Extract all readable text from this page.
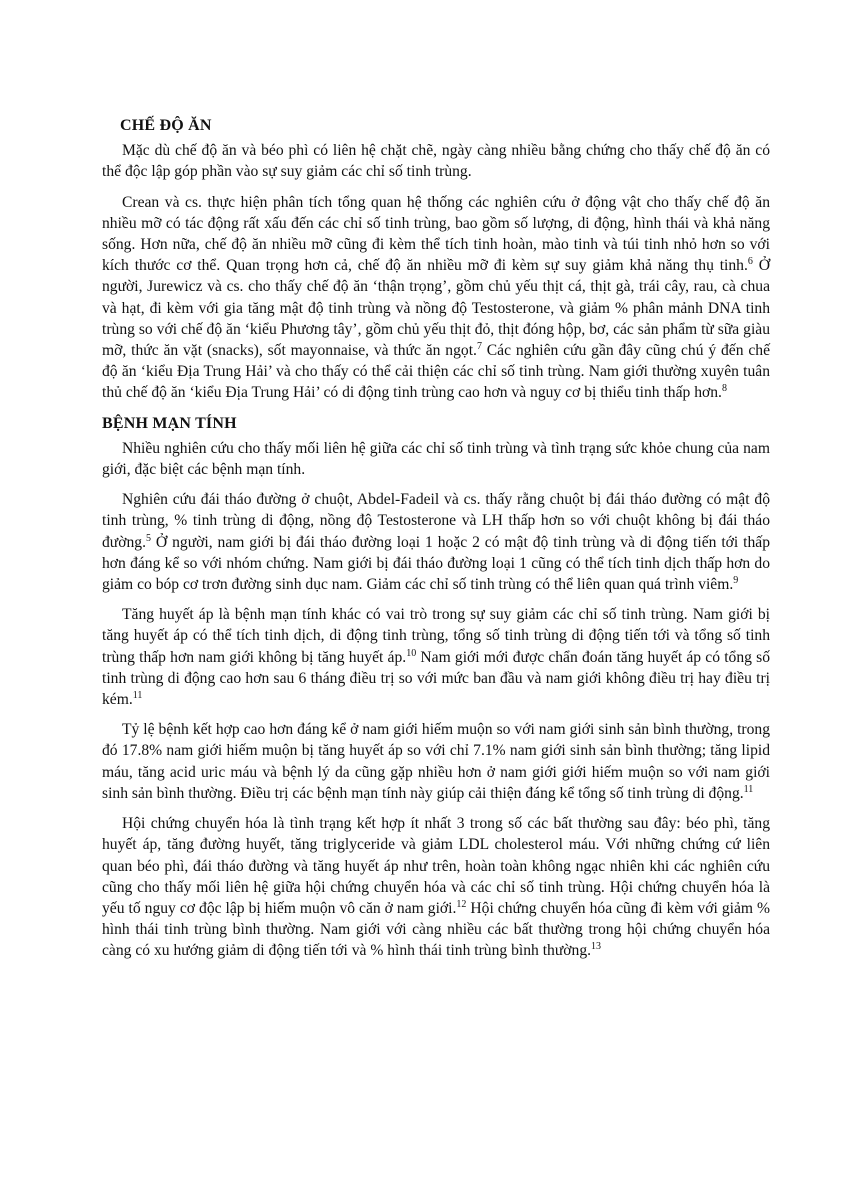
CHẾ ĐỘ ĂN

Mặc dù chế độ ăn và béo phì có liên hệ chặt chẽ, ngày càng nhiều bằng chứng cho thấy chế độ ăn có thể độc lập góp phần vào sự suy giảm các chỉ số tinh trùng.

Crean và cs. thực hiện phân tích tổng quan hệ thống các nghiên cứu ở động vật cho thấy chế độ ăn nhiều mỡ có tác động rất xấu đến các chỉ số tinh trùng, bao gồm số lượng, di động, hình thái và khả năng sống. Hơn nữa, chế độ ăn nhiều mỡ cũng đi kèm thể tích tinh hoàn, mào tinh và túi tinh nhỏ hơn so với kích thước cơ thể. Quan trọng hơn cả, chế độ ăn nhiều mỡ đi kèm sự suy giảm khả năng thụ tinh.$^6$ Ở người, Jurewicz và cs. cho thấy chế độ ăn ‘thận trọng’, gồm chủ yếu thịt cá, thịt gà, trái cây, rau, cà chua và hạt, đi kèm với gia tăng mật độ tinh trùng và nồng độ Testosterone, và giảm % phân mảnh DNA tinh trùng so với chế độ ăn ‘kiểu Phương tây’, gồm chủ yếu thịt đỏ, thịt đóng hộp, bơ, các sản phẩm từ sữa giàu mỡ, thức ăn vặt (snacks), sốt mayonnaise, và thức ăn ngọt.$^7$ Các nghiên cứu gần đây cũng chú ý đến chế độ ăn ‘kiểu Địa Trung Hải’ và cho thấy có thể cải thiện các chỉ số tinh trùng. Nam giới thường xuyên tuân thủ chế độ ăn ‘kiểu Địa Trung Hải’ có di động tinh trùng cao hơn và nguy cơ bị thiểu tinh thấp hơn.$^8$

BỆNH MẠN TÍNH

Nhiều nghiên cứu cho thấy mối liên hệ giữa các chỉ số tinh trùng và tình trạng sức khỏe chung của nam giới, đặc biệt các bệnh mạn tính.

Nghiên cứu đái tháo đường ở chuột, Abdel-Fadeil và cs. thấy rằng chuột bị đái tháo đường có mật độ tinh trùng, % tinh trùng di động, nồng độ Testosterone và LH thấp hơn so với chuột không bị đái tháo đường.$^5$ Ở người, nam giới bị đái tháo đường loại 1 hoặc 2 có mật độ tinh trùng và di động tiến tới thấp hơn đáng kể so với nhóm chứng. Nam giới bị đái tháo đường loại 1 cũng có thể tích tinh dịch thấp hơn do giảm co bóp cơ trơn đường sinh dục nam. Giảm các chỉ số tinh trùng có thể liên quan quá trình viêm.$^9$

Tăng huyết áp là bệnh mạn tính khác có vai trò trong sự suy giảm các chỉ số tinh trùng. Nam giới bị tăng huyết áp có thể tích tinh dịch, di động tinh trùng, tổng số tinh trùng di động tiến tới và tổng số tinh trùng thấp hơn nam giới không bị tăng huyết áp.$^{10}$ Nam giới mới được chẩn đoán tăng huyết áp có tổng số tinh trùng di động cao hơn sau 6 tháng điều trị so với mức ban đầu và nam giới không điều trị hay điều trị kém.$^{11}$

Tỷ lệ bệnh kết hợp cao hơn đáng kể ở nam giới hiếm muộn so với nam giới sinh sản bình thường, trong đó 17.8% nam giới hiếm muộn bị tăng huyết áp so với chỉ 7.1% nam giới sinh sản bình thường; tăng lipid máu, tăng acid uric máu và bệnh lý da cũng gặp nhiều hơn ở nam giới giới hiếm muộn so với nam giới sinh sản bình thường. Điều trị các bệnh mạn tính này giúp cải thiện đáng kể tổng số tinh trùng di động.$^{11}$

Hội chứng chuyển hóa là tình trạng kết hợp ít nhất 3 trong số các bất thường sau đây: béo phì, tăng huyết áp, tăng đường huyết, tăng triglyceride và giảm LDL cholesterol máu. Với những chứng cứ liên quan béo phì, đái tháo đường và tăng huyết áp như trên, hoàn toàn không ngạc nhiên khi các nghiên cứu cũng cho thấy mối liên hệ giữa hội chứng chuyển hóa và các chỉ số tinh trùng. Hội chứng chuyển hóa là yếu tố nguy cơ độc lập bị hiếm muộn vô căn ở nam giới.$^{12}$ Hội chứng chuyển hóa cũng đi kèm với giảm % hình thái tinh trùng bình thường. Nam giới với càng nhiều các bất thường trong hội chứng chuyển hóa càng có xu hướng giảm di động tiến tới và % hình thái tinh trùng bình thường.$^{13}$
